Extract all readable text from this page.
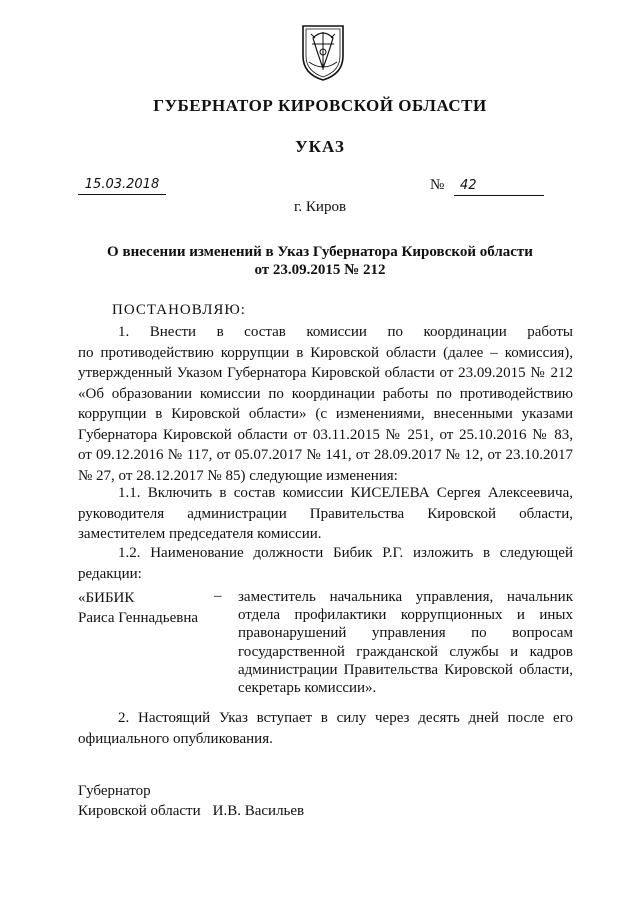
ГУБЕРНАТОР КИРОВСКОЙ ОБЛАСТИ
УКАЗ
15.03.2018	№ 42
г. Киров
О внесении изменений в Указ Губернатора Кировской области
от 23.09.2015 № 212
ПОСТАНОВЛЯЮ:

1. Внести в состав комиссии по координации работы

по противодействию коррупции в Кировской области (далее – комиссия),

утвержденный Указом Губернатора Кировской области от 23.09.2015 № 212

«Об образовании комиссии по координации работы по противодействию

коррупции в Кировской области» (с изменениями, внесенными указами

Губернатора Кировской области от 03.11.2015 № 251, от 25.10.2016 № 83,

от 09.12.2016 № 117, от 05.07.2017 № 141, от 28.09.2017 № 12, от 23.10.2017

№ 27, от 28.12.2017 № 85) следующие изменения:

1.1. Включить в состав комиссии КИСЕЛЕВА Сергея Алексеевича,

руководителя администрации Правительства Кировской области,

заместителем председателя комиссии.

1.2. Наименование должности Бибик Р.Г. изложить в следующей

редакции:

«БИБИК
Раиса Геннадьевна
– заместитель начальника управления, начальник

отдела профилактики коррупционных и иных

правонарушений управления по вопросам

государственной гражданской службы и кадров

администрации Правительства Кировской области,

секретарь комиссии».

2. Настоящий Указ вступает в силу через десять дней после его

официального опубликования.

Губернатор
Кировской области И.В. Васильев
